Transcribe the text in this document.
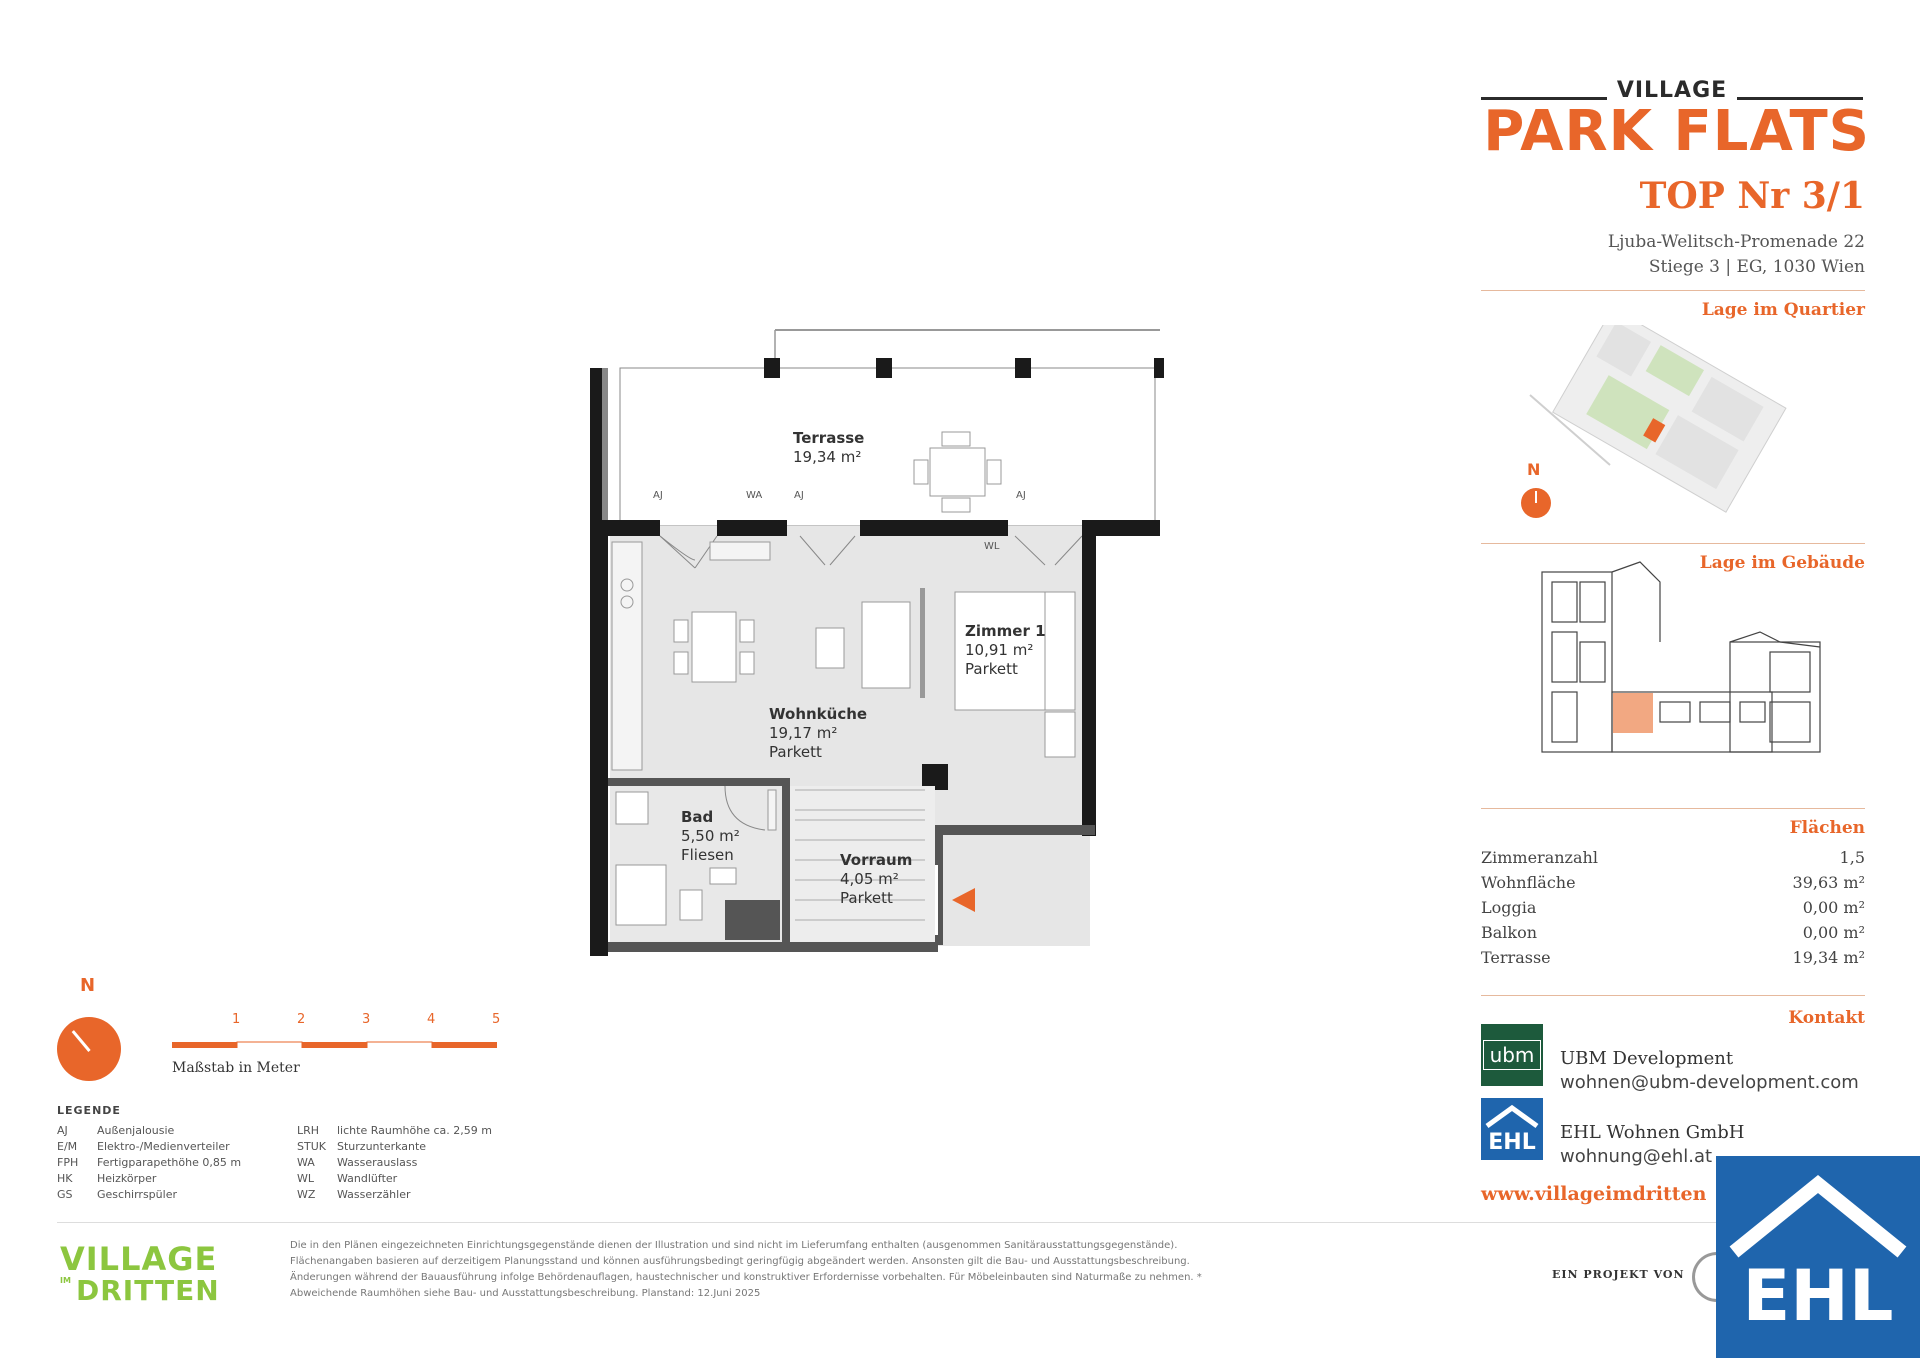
VILLAGE
PARK FLATS
TOP Nr 3/1
Ljuba-Welitsch-Promenade 22
Stiege 3 | EG, 1030 Wien
Lage im Quartier
N
Lage im Gebäude
Flächen
Zimmeranzahl	1,5
Wohnfläche	39,63 m²
Loggia	0,00 m²
Balkon	0,00 m²
Terrasse	19,34 m²
Kontakt
ubm	UBM Development
wohnen@ubm-development.com
EHL	EHL Wohnen GmbH
wohnung@ehl.at
www.villageimdritten
Terrasse
19,34 m²
Zimmer 1
10,91 m²
Parkett
Wohnküche
19,17 m²
Parkett
Bad
5,50 m²
Fliesen	Vorraum
4,05 m²
Parkett
AJ	WA	AJ	AJ
WL
N
1	2	3	4	5
Maßstab in Meter
LEGENDE
AJ	Außenjalousie
E/M Elektro-/Medienverteiler
FPH Fertigparapethöhe 0,85 m
HK Heizkörper
GS Geschirrspüler
LRH lichte Raumhöhe ca. 2,59 m
STUK Sturzunterkante
WA Wasserauslass
WL Wandlüfter
WZ Wasserzähler
VILLAGE
IM DRITTEN
Die in den Plänen eingezeichneten Einrichtungsgegenstände dienen der Illustration und sind nicht im Lieferumfang enthalten (ausgenommen Sanitärausstattungsgegenstände). Flächenangaben basieren auf derzeitigem Planungsstand und können ausführungsbedingt geringfügig abgeändert werden. Ansonsten gilt die Bau- und Ausstattungsbeschreibung. Änderungen während der Bauausführung infolge Behördenauflagen, haustechnischer und konstruktiver Erfordernisse vorbehalten. Für Möbeleinbauten sind Naturmaße zu nehmen. * Abweichende Raumhöhen siehe Bau- und Ausstattungsbeschreibung. Planstand: 12.Juni 2025
EIN PROJEKT VON EHL
